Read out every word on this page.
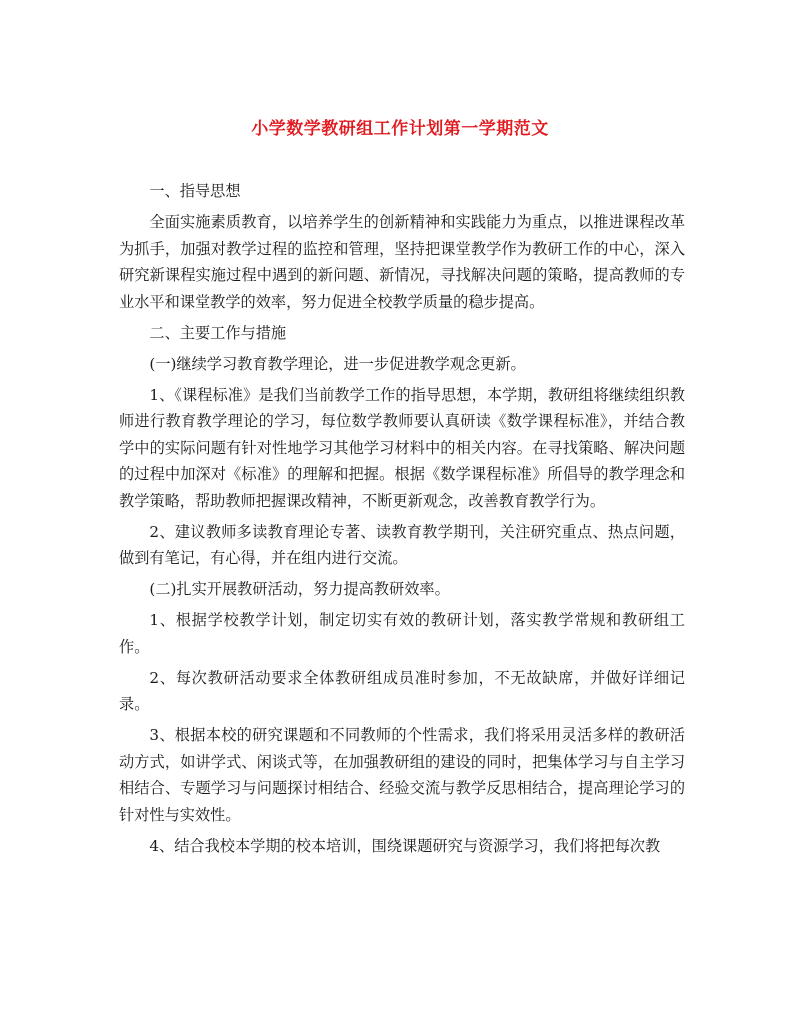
小学数学教研组工作计划第一学期范文

一、指导思想

全面实施素质教育，以培养学生的创新精神和实践能力为重点，以推进课程改革为抓手，加强对教学过程的监控和管理，坚持把课堂教学作为教研工作的中心，深入研究新课程实施过程中遇到的新问题、新情况，寻找解决问题的策略，提高教师的专业水平和课堂教学的效率，努力促进全校教学质量的稳步提高。

二、主要工作与措施

(一)继续学习教育教学理论，进一步促进教学观念更新。

1、《课程标准》是我们当前教学工作的指导思想，本学期，教研组将继续组织教师进行教育教学理论的学习，每位数学教师要认真研读《数学课程标准》，并结合教学中的实际问题有针对性地学习其他学习材料中的相关内容。在寻找策略、解决问题的过程中加深对《标准》的理解和把握。根据《数学课程标准》所倡导的教学理念和教学策略，帮助教师把握课改精神，不断更新观念，改善教育教学行为。

2、建议教师多读教育理论专著、读教育教学期刊，关注研究重点、热点问题，做到有笔记，有心得，并在组内进行交流。

(二)扎实开展教研活动，努力提高教研效率。

1、根据学校教学计划，制定切实有效的教研计划，落实教学常规和教研组工作。

2、每次教研活动要求全体教研组成员准时参加，不无故缺席，并做好详细记录。

3、根据本校的研究课题和不同教师的个性需求，我们将采用灵活多样的教研活动方式，如讲学式、闲谈式等，在加强教研组的建设的同时，把集体学习与自主学习相结合、专题学习与问题探讨相结合、经验交流与教学反思相结合，提高理论学习的针对性与实效性。

4、结合我校本学期的校本培训，围绕课题研究与资源学习，我们将把每次教
